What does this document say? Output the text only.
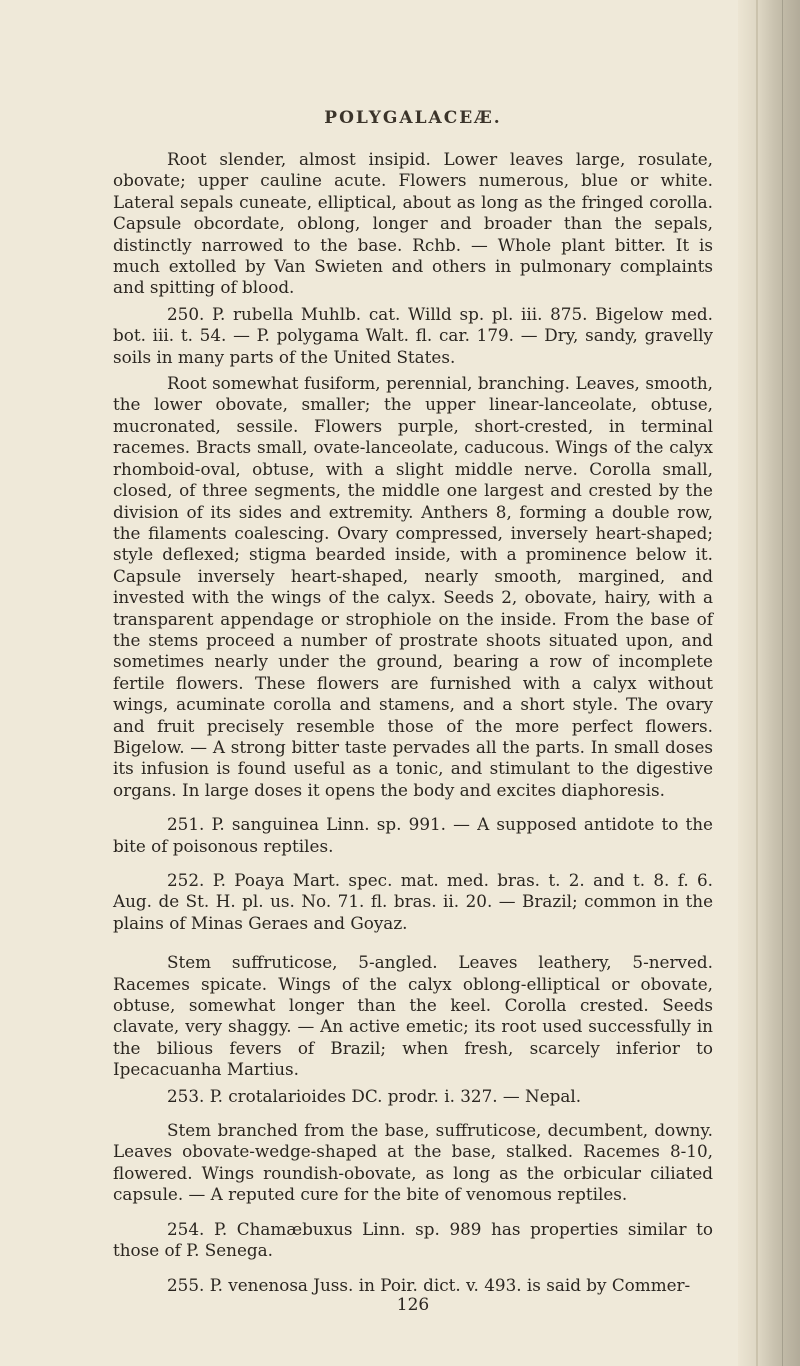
POLYGALACEÆ.

Root slender, almost insipid. Lower leaves large, rosulate, obovate; upper cauline acute. Flowers numerous, blue or white. Lateral sepals cuneate, elliptical, about as long as the fringed corolla. Capsule obcordate, oblong, longer and broader than the sepals, distinctly narrowed to the base. Rchb. — Whole plant bitter. It is much extolled by Van Swieten and others in pulmonary complaints and spitting of blood.

250. P. rubella Muhlb. cat. Willd sp. pl. iii. 875. Bigelow med. bot. iii. t. 54. — P. polygama Walt. fl. car. 179. — Dry, sandy, gravelly soils in many parts of the United States.

Root somewhat fusiform, perennial, branching. Leaves, smooth, the lower obovate, smaller; the upper linear-lanceolate, obtuse, mucronated, sessile. Flowers purple, short-crested, in terminal racemes. Bracts small, ovate-lanceolate, caducous. Wings of the calyx rhomboid-oval, obtuse, with a slight middle nerve. Corolla small, closed, of three segments, the middle one largest and crested by the division of its sides and extremity. Anthers 8, forming a double row, the filaments coalescing. Ovary compressed, inversely heart-shaped; style deflexed; stigma bearded inside, with a prominence below it. Capsule inversely heart-shaped, nearly smooth, margined, and invested with the wings of the calyx. Seeds 2, obovate, hairy, with a transparent appendage or strophiole on the inside. From the base of the stems proceed a number of prostrate shoots situated upon, and sometimes nearly under the ground, bearing a row of incomplete fertile flowers. These flowers are furnished with a calyx without wings, acuminate corolla and stamens, and a short style. The ovary and fruit precisely resemble those of the more perfect flowers. Bigelow. — A strong bitter taste pervades all the parts. In small doses its infusion is found useful as a tonic, and stimulant to the digestive organs. In large doses it opens the body and excites diaphoresis.

251. P. sanguinea Linn. sp. 991. — A supposed antidote to the bite of poisonous reptiles.

252. P. Poaya Mart. spec. mat. med. bras. t. 2. and t. 8. f. 6. Aug. de St. H. pl. us. No. 71. fl. bras. ii. 20. — Brazil; common in the plains of Minas Geraes and Goyaz.

Stem suffruticose, 5-angled. Leaves leathery, 5-nerved. Racemes spicate. Wings of the calyx oblong-elliptical or obovate, obtuse, somewhat longer than the keel. Corolla crested. Seeds clavate, very shaggy. — An active emetic; its root used successfully in the bilious fevers of Brazil; when fresh, scarcely inferior to Ipecacuanha Martius.

253. P. crotalarioides DC. prodr. i. 327. — Nepal.

Stem branched from the base, suffruticose, decumbent, downy. Leaves obovate-wedge-shaped at the base, stalked. Racemes 8-10, flowered. Wings roundish-obovate, as long as the orbicular ciliated capsule. — A reputed cure for the bite of venomous reptiles.

254. P. Chamæbuxus Linn. sp. 989 has properties similar to those of P. Senega.

255. P. venenosa Juss. in Poir. dict. v. 493. is said by Commer-

126
